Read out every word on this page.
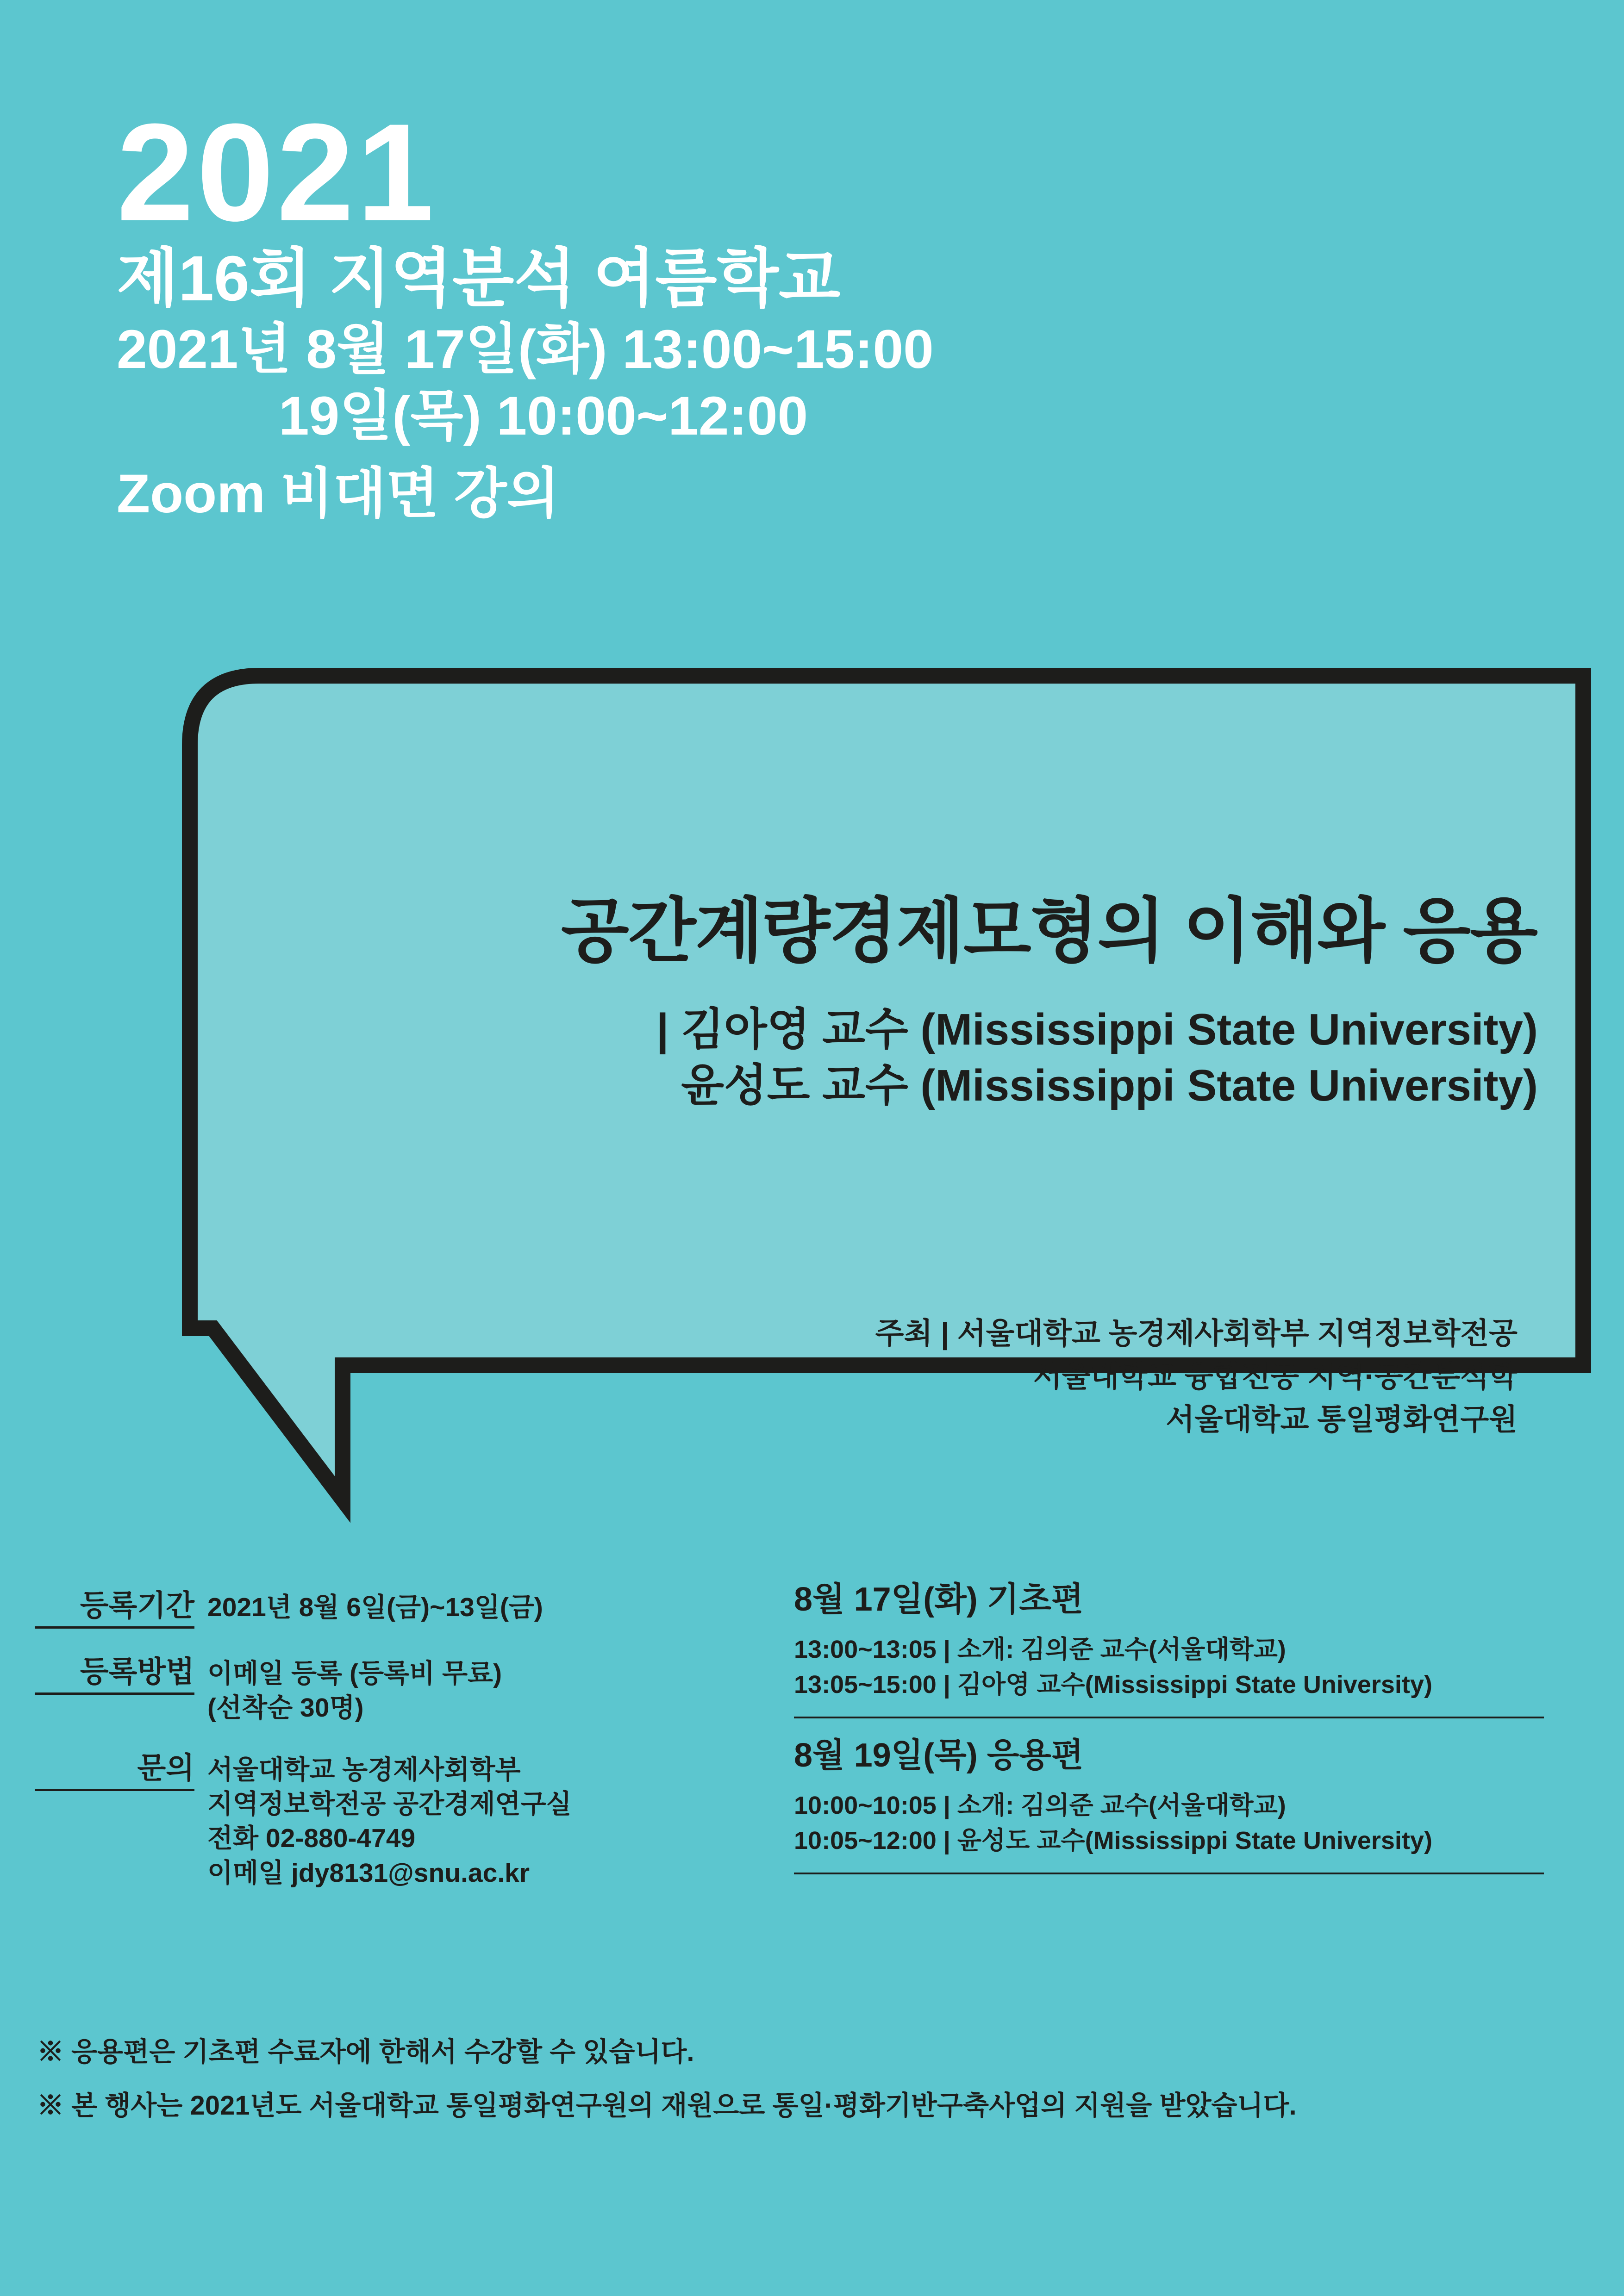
2021
제16회 지역분석 여름학교
2021년 8월 17일(화) 13:00~15:00
19일(목) 10:00~12:00
Zoom 비대면 강의
공간계량경제모형의 이해와 응용
| 김아영 교수 (Mississippi State University)
윤성도 교수 (Mississippi State University)
주최 | 서울대학교 농경제사회학부 지역정보학전공
서울대학교 융합전공 지역·공간분석학
서울대학교 통일평화연구원
등록기간 2021년 8월 6일(금)~13일(금)
등록방법 이메일 등록 (등록비 무료)
(선착순 30명)
문의 서울대학교 농경제사회학부
지역정보학전공 공간경제연구실
전화 02-880-4749
이메일 jdy8131@snu.ac.kr
8월 17일(화) 기초편
13:00~13:05 | 소개: 김의준 교수(서울대학교)
13:05~15:00 | 김아영 교수(Mississippi State University)
8월 19일(목) 응용편
10:00~10:05 | 소개: 김의준 교수(서울대학교)
10:05~12:00 | 윤성도 교수(Mississippi State University)
※ 응용편은 기초편 수료자에 한해서 수강할 수 있습니다.
※ 본 행사는 2021년도 서울대학교 통일평화연구원의 재원으로 통일·평화기반구축사업의 지원을 받았습니다.
